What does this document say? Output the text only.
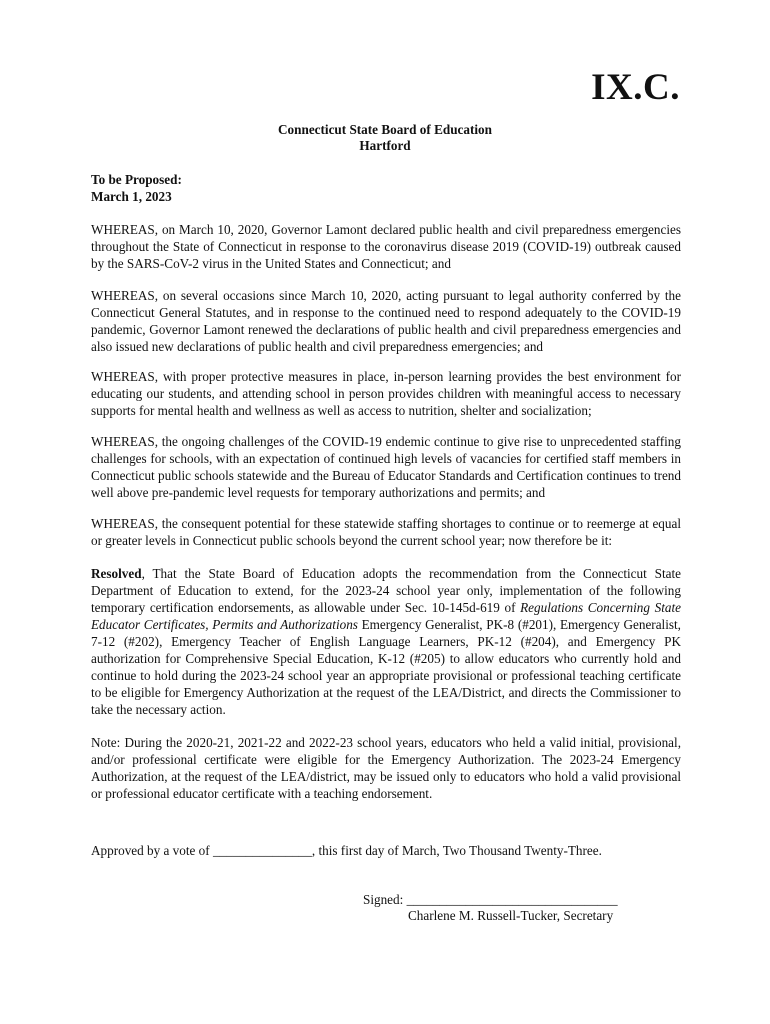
IX.C.
Connecticut State Board of Education
Hartford
To be Proposed:
March 1, 2023

WHEREAS, on March 10, 2020, Governor Lamont declared public health and civil preparedness emergencies throughout the State of Connecticut in response to the coronavirus disease 2019 (COVID-19) outbreak caused by the SARS-CoV-2 virus in the United States and Connecticut; and

WHEREAS, on several occasions since March 10, 2020, acting pursuant to legal authority conferred by the Connecticut General Statutes, and in response to the continued need to respond adequately to the COVID-19 pandemic, Governor Lamont renewed the declarations of public health and civil preparedness emergencies and also issued new declarations of public health and civil preparedness emergencies; and

WHEREAS, with proper protective measures in place, in-person learning provides the best environment for educating our students, and attending school in person provides children with meaningful access to necessary supports for mental health and wellness as well as access to nutrition, shelter and socialization;

WHEREAS, the ongoing challenges of the COVID-19 endemic continue to give rise to unprecedented staffing challenges for schools, with an expectation of continued high levels of vacancies for certified staff members in Connecticut public schools statewide and the Bureau of Educator Standards and Certification continues to trend well above pre-pandemic level requests for temporary authorizations and permits; and

WHEREAS, the consequent potential for these statewide staffing shortages to continue or to reemerge at equal or greater levels in Connecticut public schools beyond the current school year; now therefore be it:

Resolved, That the State Board of Education adopts the recommendation from the Connecticut State Department of Education to extend, for the 2023-24 school year only, implementation of the following temporary certification endorsements, as allowable under Sec. 10-145d-619 of Regulations Concerning State Educator Certificates, Permits and Authorizations Emergency Generalist, PK-8 (#201), Emergency Generalist, 7-12 (#202), Emergency Teacher of English Language Learners, PK-12 (#204), and Emergency PK authorization for Comprehensive Special Education, K-12 (#205) to allow educators who currently hold and continue to hold during the 2023-24 school year an appropriate provisional or professional teaching certificate to be eligible for Emergency Authorization at the request of the LEA/District, and directs the Commissioner to take the necessary action.

Note: During the 2020-21, 2021-22 and 2022-23 school years, educators who held a valid initial, provisional, and/or professional certificate were eligible for the Emergency Authorization. The 2023-24 Emergency Authorization, at the request of the LEA/district, may be issued only to educators who hold a valid provisional or professional educator certificate with a teaching endorsement.

Approved by a vote of _______________, this first day of March, Two Thousand Twenty-Three.
Signed: ________________________________
Charlene M. Russell-Tucker, Secretary
